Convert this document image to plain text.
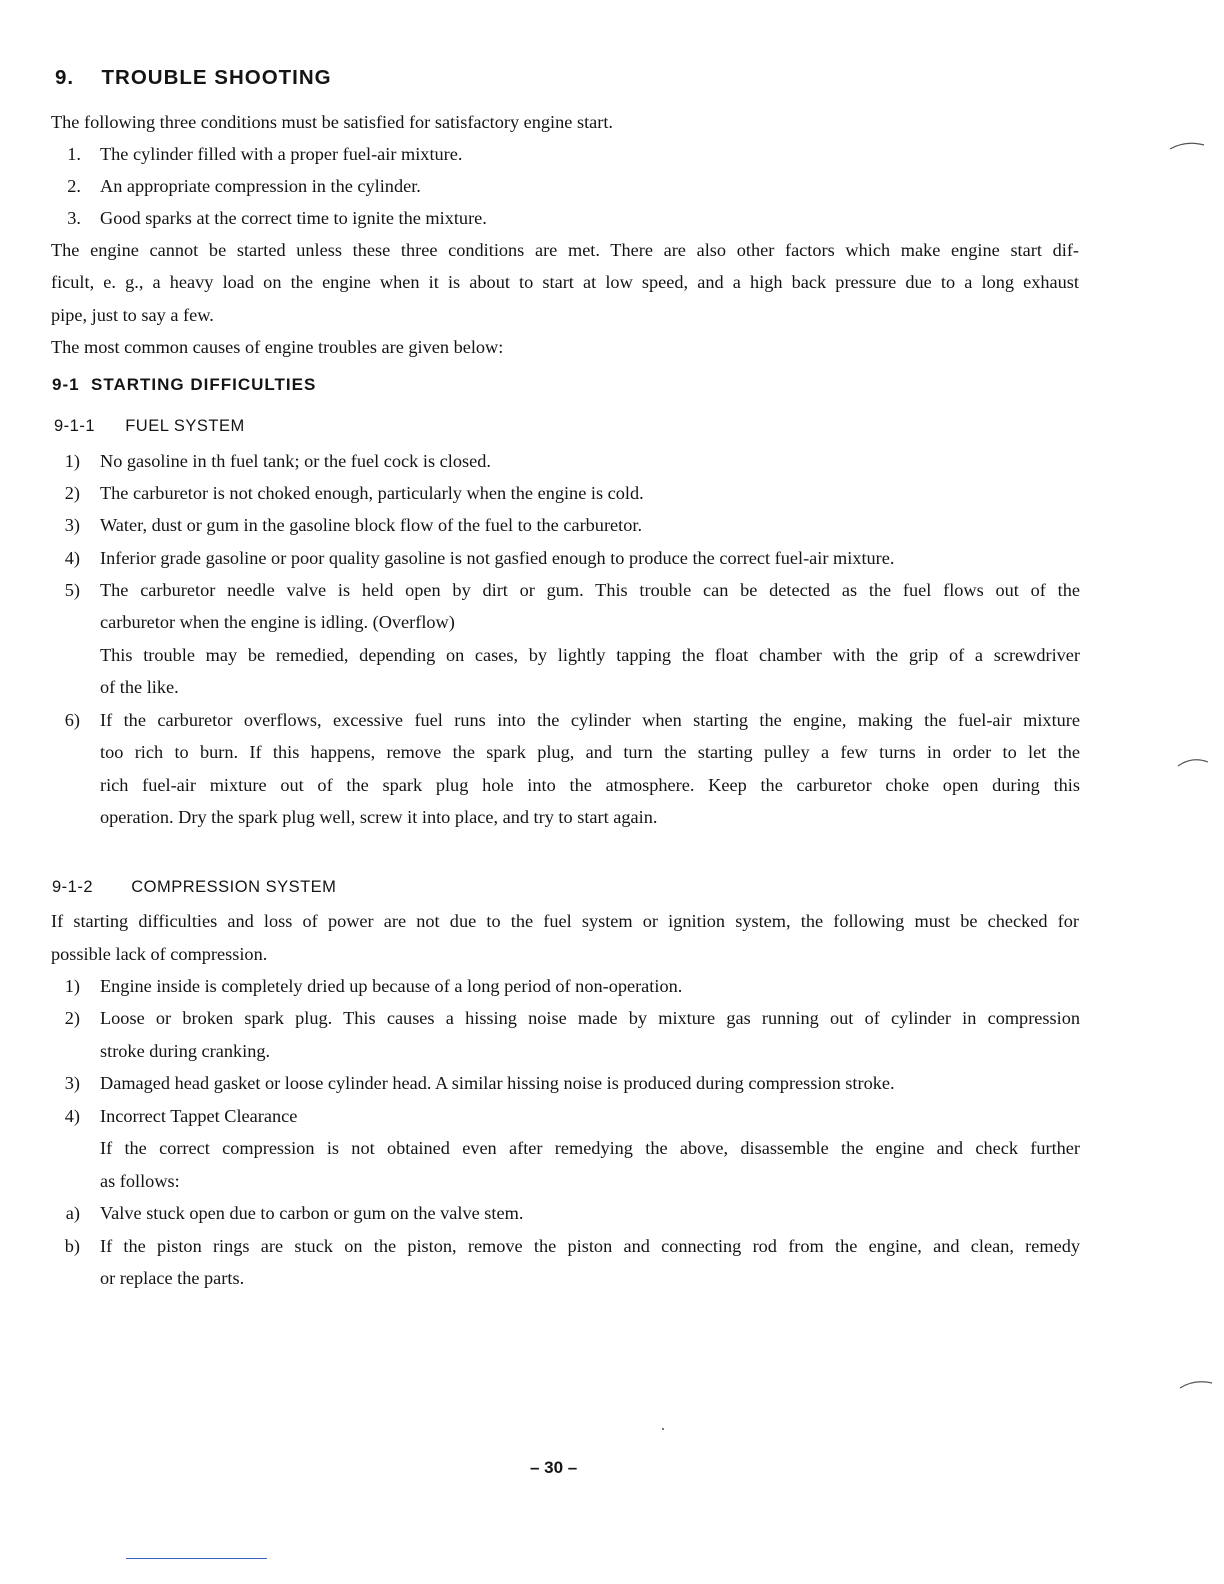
9. TROUBLE SHOOTING
The following three conditions must be satisfied for satisfactory engine start.
1. The cylinder filled with a proper fuel-air mixture.
2. An appropriate compression in the cylinder.
3. Good sparks at the correct time to ignite the mixture.
The engine cannot be started unless these three conditions are met. There are also other factors which make engine start dif-
ficult, e. g., a heavy load on the engine when it is about to start at low speed, and a high back pressure due to a long exhaust
pipe, just to say a few.
The most common causes of engine troubles are given below:
9-1  STARTING DIFFICULTIES
9-1-1 FUEL SYSTEM
1) No gasoline in th fuel tank; or the fuel cock is closed.
2) The carburetor is not choked enough, particularly when the engine is cold.
3) Water, dust or gum in the gasoline block flow of the fuel to the carburetor.
4) Inferior grade gasoline or poor quality gasoline is not gasfied enough to produce the correct fuel-air mixture.
5) The carburetor needle valve is held open by dirt or gum. This trouble can be detected as the fuel flows out of the
carburetor when the engine is idling. (Overflow)
This trouble may be remedied, depending on cases, by lightly tapping the float chamber with the grip of a screwdriver
of the like.
6) If the carburetor overflows, excessive fuel runs into the cylinder when starting the engine, making the fuel-air mixture
too rich to burn. If this happens, remove the spark plug, and turn the starting pulley a few turns in order to let the
rich fuel-air mixture out of the spark plug hole into the atmosphere. Keep the carburetor choke open during this
operation. Dry the spark plug well, screw it into place, and try to start again.
9-1-2 COMPRESSION SYSTEM
If starting difficulties and loss of power are not due to the fuel system or ignition system, the following must be checked for
possible lack of compression.
1) Engine inside is completely dried up because of a long period of non-operation.
2) Loose or broken spark plug. This causes a hissing noise made by mixture gas running out of cylinder in compression
stroke during cranking.
3) Damaged head gasket or loose cylinder head. A similar hissing noise is produced during compression stroke.
4) Incorrect Tappet Clearance
If the correct compression is not obtained even after remedying the above, disassemble the engine and check further
as follows:
a) Valve stuck open due to carbon or gum on the valve stem.
b) If the piston rings are stuck on the piston, remove the piston and connecting rod from the engine, and clean, remedy
or replace the parts.
– 30 –
